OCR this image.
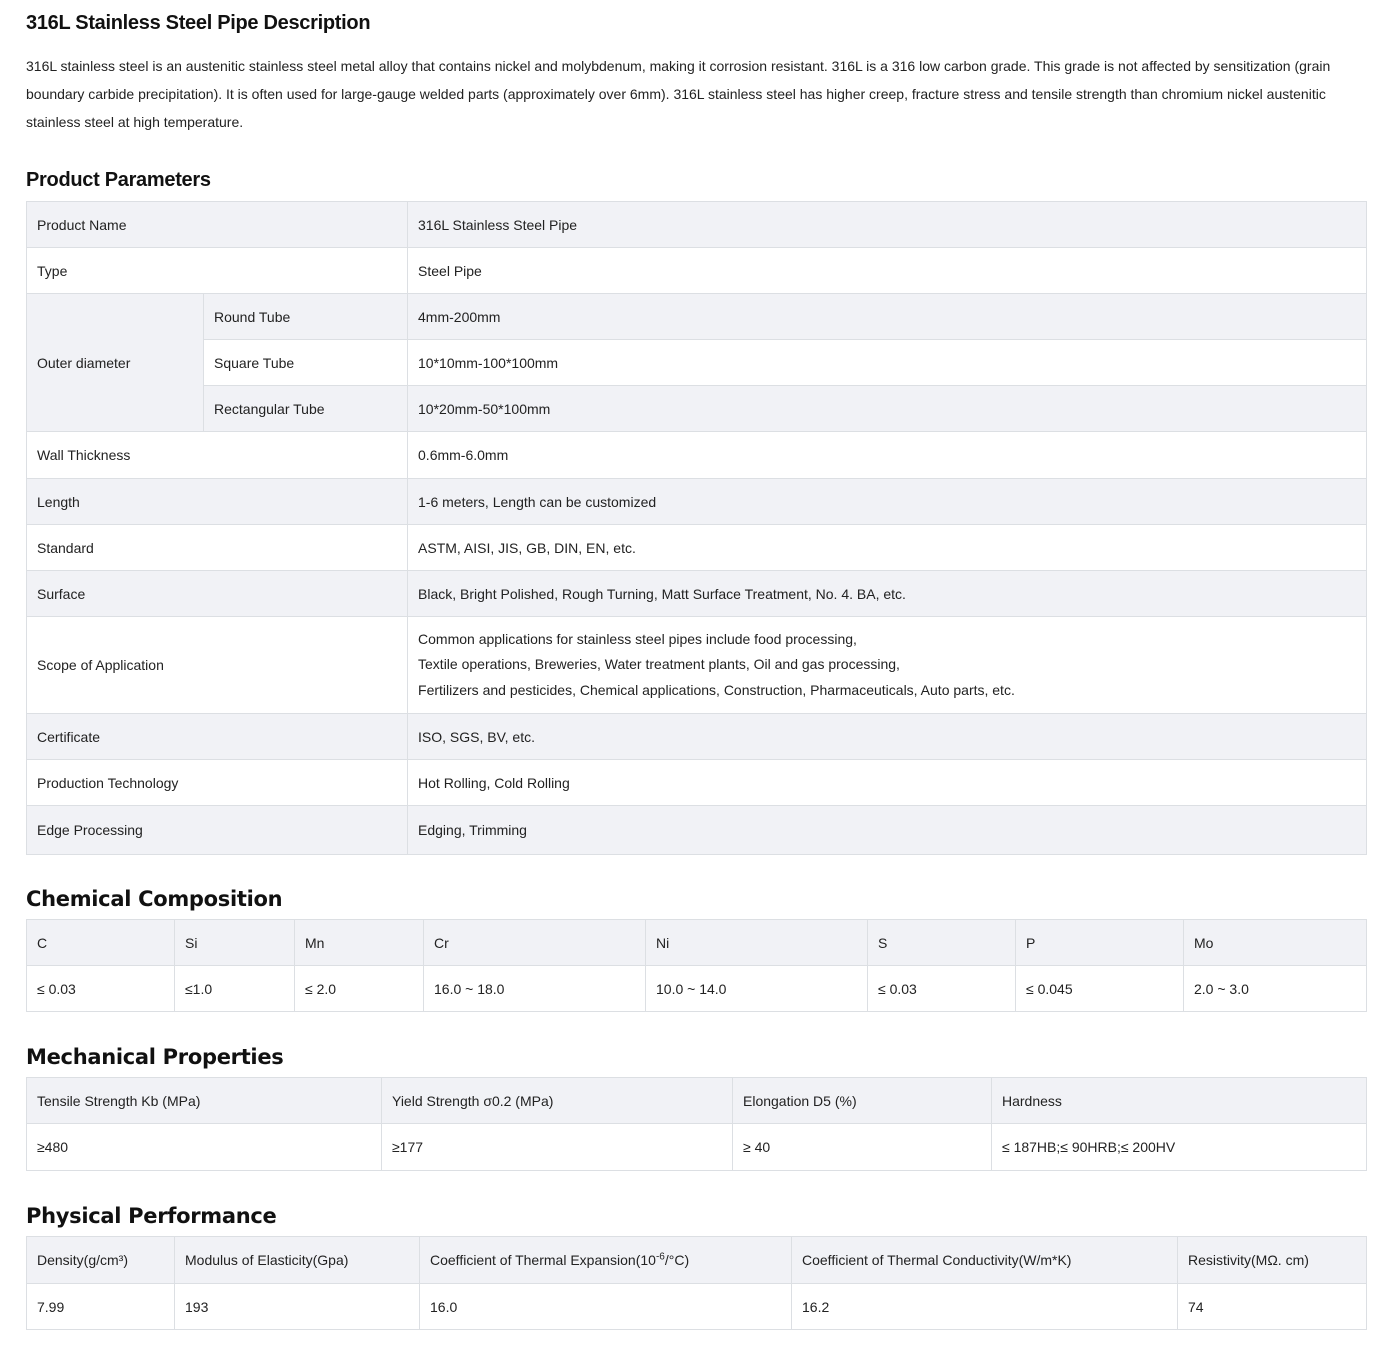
316L Stainless Steel Pipe Description

316L stainless steel is an austenitic stainless steel metal alloy that contains nickel and molybdenum, making it corrosion resistant. 316L is a 316 low carbon grade. This grade is not affected by sensitization (grain boundary carbide precipitation). It is often used for large-gauge welded parts (approximately over 6mm). 316L stainless steel has higher creep, fracture stress and tensile strength than chromium nickel austenitic stainless steel at high temperature.

Product Parameters
Product Name		316L Stainless Steel Pipe
Type		Steel Pipe
Outer diameter	Round Tube	4mm-200mm
	Square Tube	10*10mm-100*100mm
	Rectangular Tube	10*20mm-50*100mm
Wall Thickness		0.6mm-6.0mm
Length		1-6 meters, Length can be customized
Standard		ASTM, AISI, JIS, GB, DIN, EN, etc.
Surface		Black, Bright Polished, Rough Turning, Matt Surface Treatment, No. 4. BA, etc.
Scope of Application		Common applications for stainless steel pipes include food processing,
Textile operations, Breweries, Water treatment plants, Oil and gas processing,
Fertilizers and pesticides, Chemical applications, Construction, Pharmaceuticals, Auto parts, etc.

Certificate		ISO, SGS, BV, etc.
Production Technology		Hot Rolling, Cold Rolling
Edge Processing		Edging, Trimming
Chemical Composition
C	Si	Mn	Cr	Ni	S	P	Mo
≤ 0.03	≤1.0	≤ 2.0	16.0 ~ 18.0	10.0 ~ 14.0	≤ 0.03	≤ 0.045	2.0 ~ 3.0
Mechanical Properties
Tensile Strength Kb (MPa)	Yield Strength σ0.2 (MPa)	Elongation D5 (%)	Hardness
≥480	≥177	≥ 40	≤ 187HB;≤ 90HRB;≤ 200HV
Physical Performance
Density(g/cm³)	Modulus of Elasticity(Gpa)	Coefficient of Thermal $Expansion(10^{-6}/^\circ C)$	Coefficient of Thermal Conductivity(W/m*K)	Resistivity(MΩ. cm)
7.99	193	16.0	16.2	74
